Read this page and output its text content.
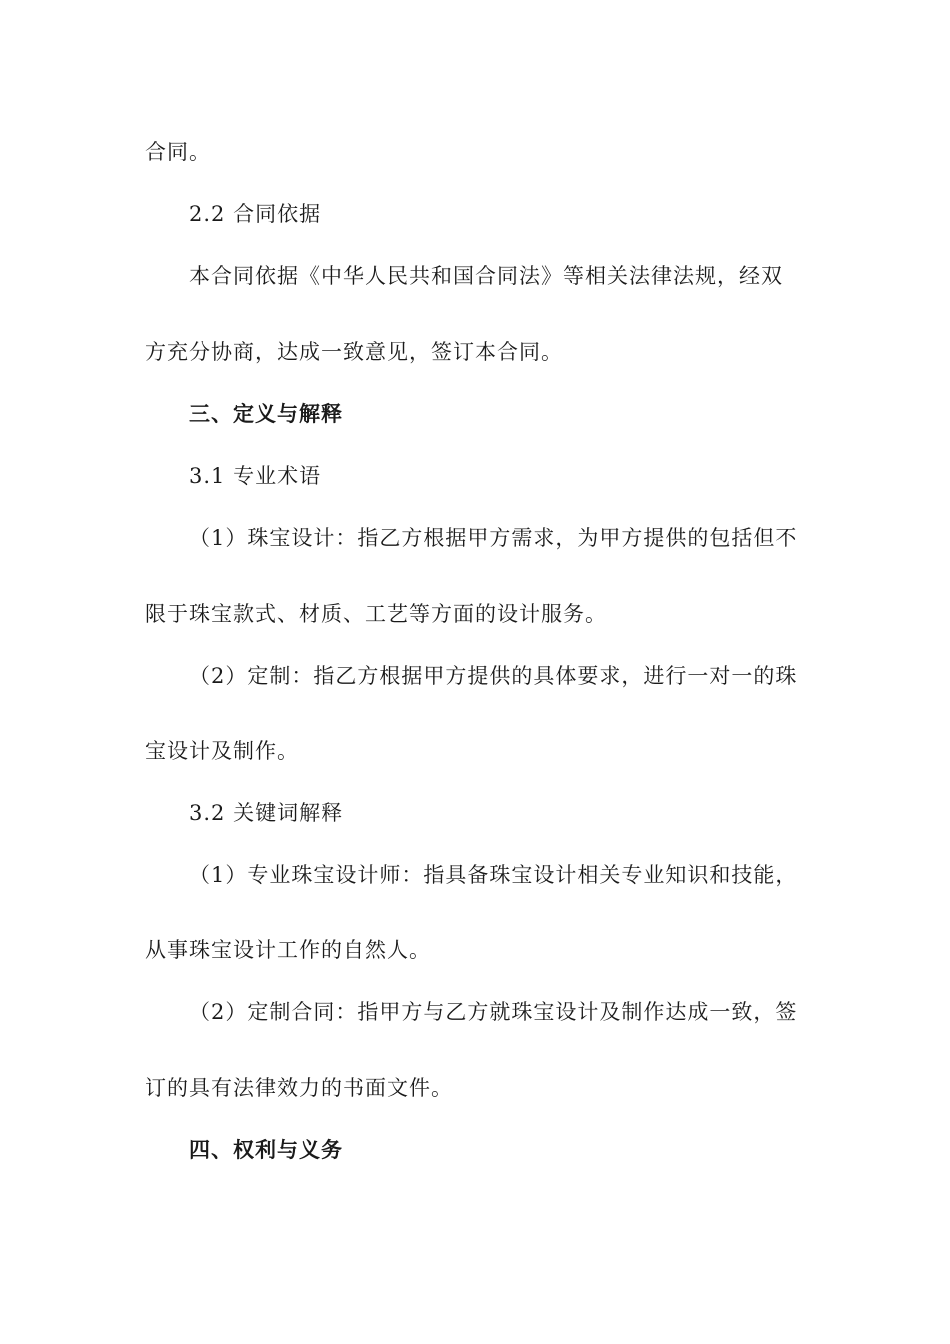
合同。
2.2 合同依据
本合同依据《中华人民共和国合同法》等相关法律法规，经双
方充分协商，达成一致意见，签订本合同。
三、定义与解释
3.1 专业术语
（1）珠宝设计：指乙方根据甲方需求，为甲方提供的包括但不
限于珠宝款式、材质、工艺等方面的设计服务。
（2）定制：指乙方根据甲方提供的具体要求，进行一对一的珠
宝设计及制作。
3.2 关键词解释
（1）专业珠宝设计师：指具备珠宝设计相关专业知识和技能，
从事珠宝设计工作的自然人。
（2）定制合同：指甲方与乙方就珠宝设计及制作达成一致，签
订的具有法律效力的书面文件。
四、权利与义务
